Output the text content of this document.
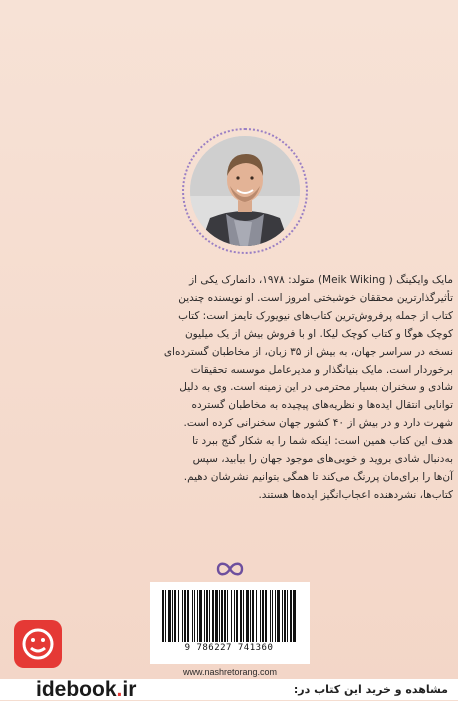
مایک وایکینگ ( Meik Wiking) متولد: ۱۹۷۸، دانمارک یکی از

تأثیرگذارترین محققان خوشبختی امروز است. او نویسنده چندین

کتاب از جمله پرفروش‌ترین کتاب‌های نیویورک تایمز است: کتاب

کوچک هوگا و کتاب کوچک لیکا. او با فروش بیش از یک میلیون

نسخه در سراسر جهان، به بیش از ۳۵ زبان، از مخاطبان گسترده‌ای

برخوردار است. مایک بنیانگذار و مدیرعامل موسسه تحقیقات

شادی و سخنران بسیار محترمی در این زمینه است. وی به دلیل

توانایی انتقال ایده‌ها و نظریه‌های پیچیده به مخاطبان گسترده

شهرت دارد و در بیش از ۴۰ کشور جهان سخنرانی کرده است.

هدف این کتاب همین است: اینکه شما را به شکار گنج ببرد تا

به‌دنبال شادی بروید و خوبی‌های موجود جهان را بیابید، سپس

آن‌ها را برای‌مان پررنگ می‌کند تا همگی بتوانیم نشرشان دهیم.

کتاب‌ها، نشردهنده اعجاب‌انگیز ایده‌ها هستند.

9 786227 741360
www.nashretorang.com
idebook.ir	مشاهده و خرید این کتاب در:
